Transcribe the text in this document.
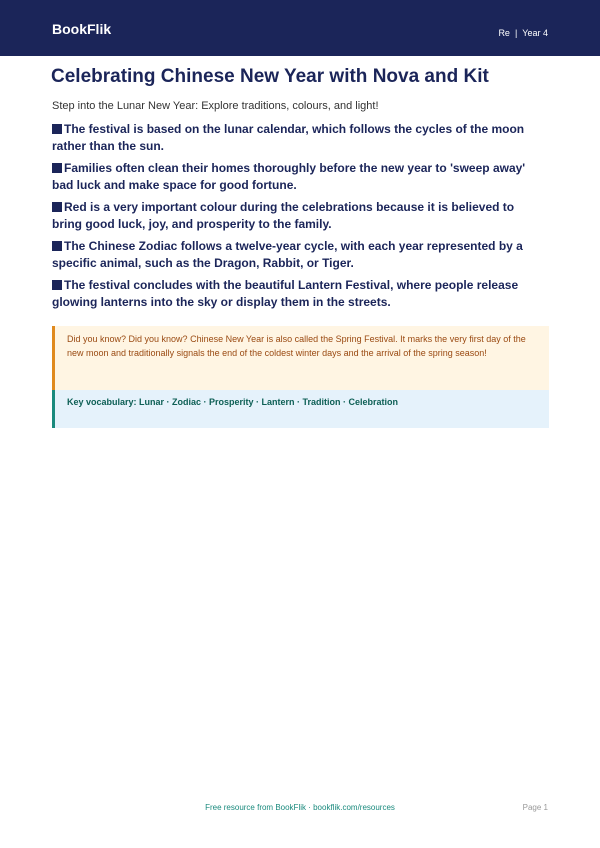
BookFlik	Re | Year 4
Celebrating Chinese New Year with Nova and Kit

Step into the Lunar New Year: Explore traditions, colours, and light!

The festival is based on the lunar calendar, which follows the cycles of the moon rather than the sun.
Families often clean their homes thoroughly before the new year to 'sweep away' bad luck and make space for good fortune.
Red is a very important colour during the celebrations because it is believed to bring good luck, joy, and prosperity to the family.
The Chinese Zodiac follows a twelve-year cycle, with each year represented by a specific animal, such as the Dragon, Rabbit, or Tiger.
The festival concludes with the beautiful Lantern Festival, where people release glowing lanterns into the sky or display them in the streets.
Did you know? Did you know? Chinese New Year is also called the Spring Festival. It marks the very first day of the new moon and traditionally signals the end of the coldest winter days and the arrival of the spring season!
Key vocabulary: Lunar · Zodiac · Prosperity · Lantern · Tradition · Celebration
Free resource from BookFlik · bookflik.com/resources	Page 1
